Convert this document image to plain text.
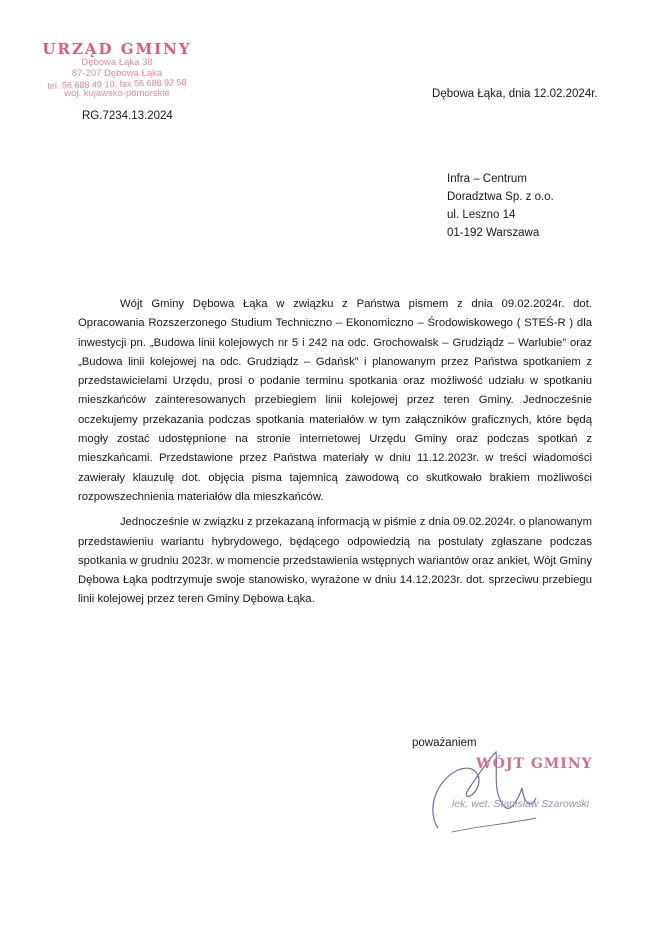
URZĄD GMINY
Dębowa Łąka 38
87-207 Dębowa Łąka
tel. 56 688 49 10, fax 56 688 92 58
woj. kujawsko-pomorskie	Dębowa Łąka, dnia 12.02.2024r.
RG.7234.13.2024
Infra – Centrum
Doradztwa Sp. z o.o.
ul. Leszno 14
01-192 Warszawa

Wójt Gminy Dębowa Łąka w związku z Państwa pismem z dnia 09.02.2024r. dot. Opracowania Rozszerzonego Studium Techniczno – Ekonomiczno – Środowiskowego ( STEŚ-R ) dla inwestycji pn. „Budowa linii kolejowych nr 5 i 242 na odc. Grochowalsk – Grudziądz – Warlubie” oraz „Budowa linii kolejowej na odc. Grudziądz – Gdańsk” i planowanym przez Państwa spotkaniem z przedstawicielami Urzędu, prosi o podanie terminu spotkania oraz możliwość udziału w spotkaniu mieszkańców zainteresowanych przebiegiem linii kolejowej przez teren Gminy. Jednocześnie oczekujemy przekazania podczas spotkania materiałów w tym załączników graficznych, które będą mogły zostać udostępnione na stronie internetowej Urzędu Gminy oraz podczas spotkań z mieszkańcami. Przedstawione przez Państwa materiały w dniu 11.12.2023r. w treści wiadomości zawierały klauzulę dot. objęcia pisma tajemnicą zawodową co skutkowało brakiem możliwości rozpowszechnienia materiałów dla mieszkańców.

Jednocześnie w związku z przekazaną informacją w piśmie z dnia 09.02.2024r. o planowanym przedstawieniu wariantu hybrydowego, będącego odpowiedzią na postulaty zgłaszane podczas spotkania w grudniu 2023r. w momencie przedstawienia wstępnych wariantów oraz ankiet, Wójt Gminy Dębowa Łąka podtrzymuje swoje stanowisko, wyrażone w dniu 14.12.2023r. dot. sprzeciwu przebiegu linii kolejowej przez teren Gminy Dębowa Łąka.

poważaniem
WÓJT GMINY
lek. wet. Stanisław Szarowski
